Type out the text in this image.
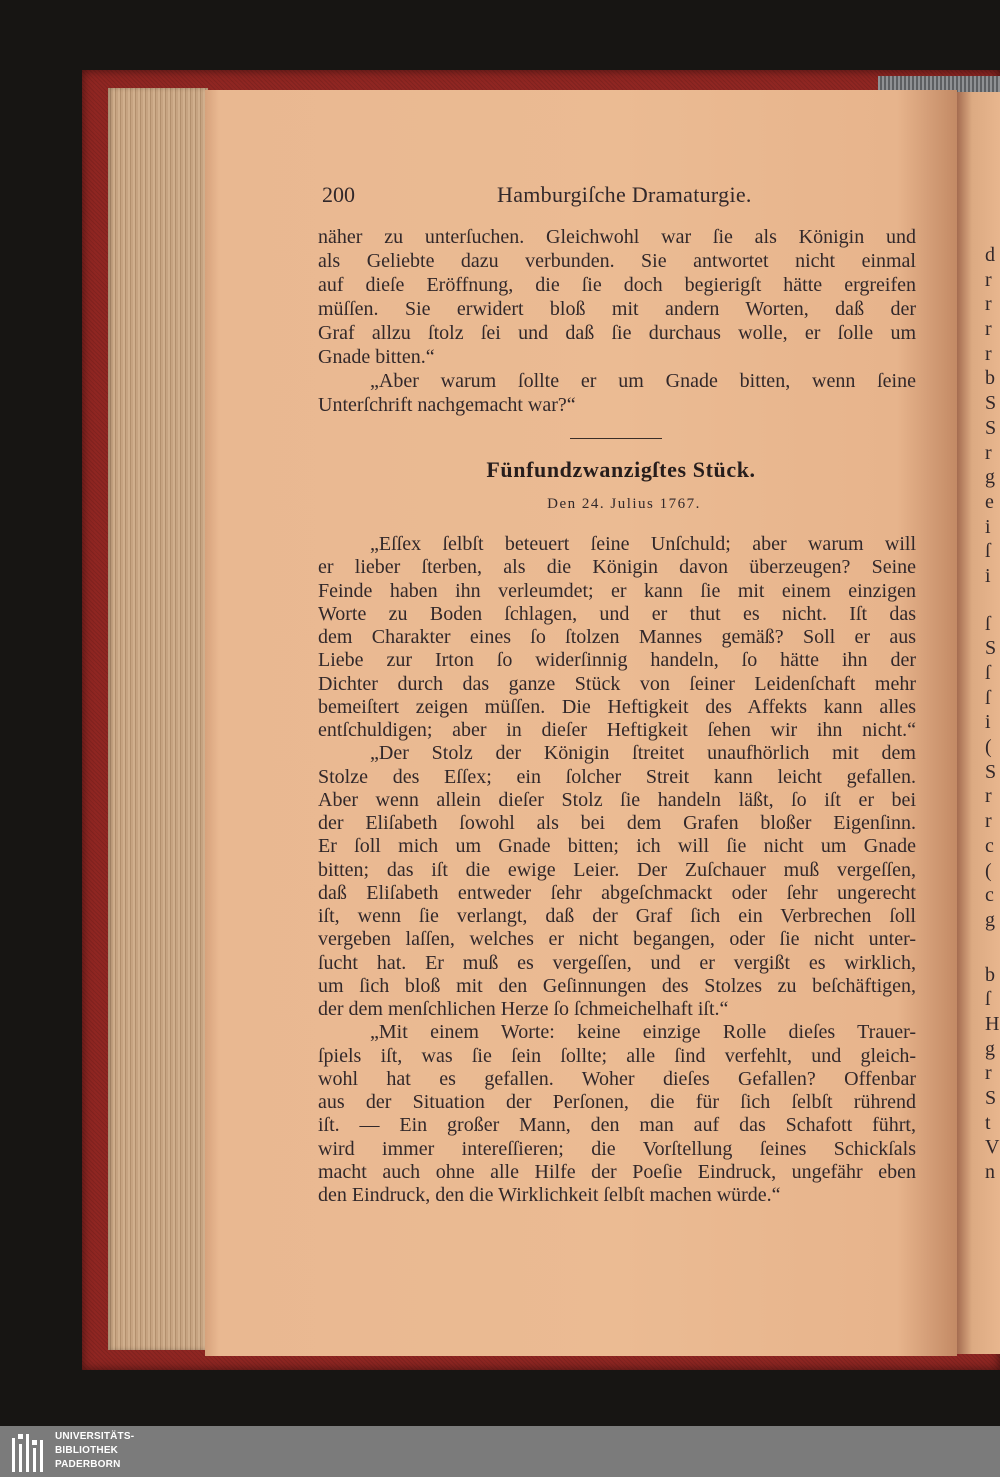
200	Hamburgiſche Dramaturgie.
näher zu unterſuchen. Gleichwohl war ſie als Königin und
als Geliebte dazu verbunden. Sie antwortet nicht einmal
auf dieſe Eröffnung, die ſie doch begierigſt hätte ergreifen
müſſen. Sie erwidert bloß mit andern Worten, daß der
Graf allzu ſtolz ſei und daß ſie durchaus wolle, er ſolle um
Gnade bitten.“
„Aber warum ſollte er um Gnade bitten, wenn ſeine
Unterſchrift nachgemacht war?“
Fünfundzwanzigſtes Stück.
Den 24. Julius 1767.
„Eſſex ſelbſt beteuert ſeine Unſchuld; aber warum will
er lieber ſterben, als die Königin davon überzeugen? Seine
Feinde haben ihn verleumdet; er kann ſie mit einem einzigen
Worte zu Boden ſchlagen, und er thut es nicht. Iſt das
dem Charakter eines ſo ſtolzen Mannes gemäß? Soll er aus
Liebe zur Irton ſo widerſinnig handeln, ſo hätte ihn der
Dichter durch das ganze Stück von ſeiner Leidenſchaft mehr
bemeiſtert zeigen müſſen. Die Heftigkeit des Affekts kann alles
entſchuldigen; aber in dieſer Heftigkeit ſehen wir ihn nicht.“
„Der Stolz der Königin ſtreitet unaufhörlich mit dem
Stolze des Eſſex; ein ſolcher Streit kann leicht gefallen.
Aber wenn allein dieſer Stolz ſie handeln läßt, ſo iſt er bei
der Eliſabeth ſowohl als bei dem Grafen bloßer Eigenſinn.
Er ſoll mich um Gnade bitten; ich will ſie nicht um Gnade
bitten; das iſt die ewige Leier. Der Zuſchauer muß vergeſſen,
daß Eliſabeth entweder ſehr abgeſchmackt oder ſehr ungerecht
iſt, wenn ſie verlangt, daß der Graf ſich ein Verbrechen ſoll
vergeben laſſen, welches er nicht begangen, oder ſie nicht unter-
ſucht hat. Er muß es vergeſſen, und er vergißt es wirklich,
um ſich bloß mit den Geſinnungen des Stolzes zu beſchäftigen,
der dem menſchlichen Herze ſo ſchmeichelhaft iſt.“
„Mit einem Worte: keine einzige Rolle dieſes Trauer-
ſpiels iſt, was ſie ſein ſollte; alle ſind verfehlt, und gleich-
wohl hat es gefallen. Woher dieſes Gefallen? Offenbar
aus der Situation der Perſonen, die für ſich ſelbſt rührend
iſt. — Ein großer Mann, den man auf das Schafott führt,
wird immer intereſſieren; die Vorſtellung ſeines Schickſals
macht auch ohne alle Hilfe der Poeſie Eindruck, ungefähr eben
den Eindruck, den die Wirklichkeit ſelbſt machen würde.“
d
r
r
r
r
b
S
S
r
g
e
i
ſ
i
ſ
S
ſ
ſ
i
(
S
r
r
c
(
c
g
b
ſ
H
g
r
S
t
V
n
UNIVERSITÄTS-
BIBLIOTHEK
PADERBORN
